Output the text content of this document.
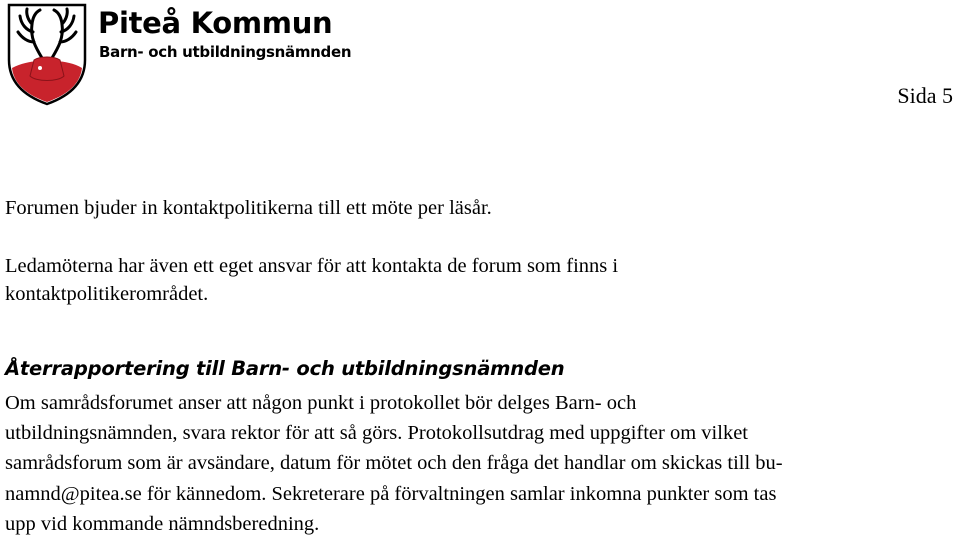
Piteå Kommun
Barn- och utbildningsnämnden
Sida 5

Forumen bjuder in kontaktpolitikerna till ett möte per läsår.

Ledamöterna har även ett eget ansvar för att kontakta de forum som finns i
kontaktpolitikerområdet.

Återrapportering till Barn- och utbildningsnämnden

Om samrådsforumet anser att någon punkt i protokollet bör delges Barn- och
utbildningsnämnden, svara rektor för att så görs. Protokollsutdrag med uppgifter om vilket
samrådsforum som är avsändare, datum för mötet och den fråga det handlar om skickas till bu-
namnd@pitea.se för kännedom. Sekreterare på förvaltningen samlar inkomna punkter som tas
upp vid kommande nämndsberedning.
